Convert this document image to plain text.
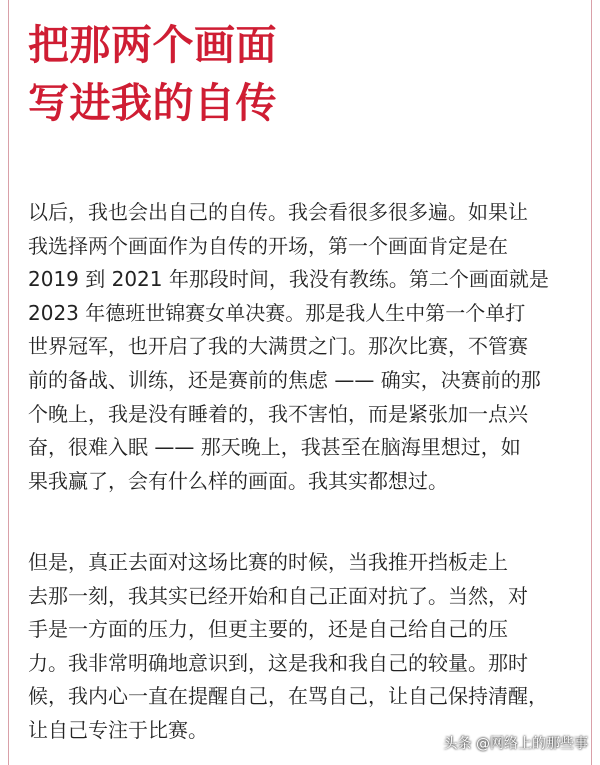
把那两个画面
写进我的自传

以后，我也会出自己的自传。我会看很多很多遍。如果让
我选择两个画面作为自传的开场，第一个画面肯定是在
2019 到 2021 年那段时间，我没有教练。第二个画面就是
2023 年德班世锦赛女单决赛。那是我人生中第一个单打
世界冠军，也开启了我的大满贯之门。那次比赛，不管赛
前的备战、训练，还是赛前的焦虑 —— 确实，决赛前的那
个晚上，我是没有睡着的，我不害怕，而是紧张加一点兴
奋，很难入眠 —— 那天晚上，我甚至在脑海里想过，如
果我赢了，会有什么样的画面。我其实都想过。

但是，真正去面对这场比赛的时候，当我推开挡板走上
去那一刻，我其实已经开始和自己正面对抗了。当然，对
手是一方面的压力，但更主要的，还是自己给自己的压
力。我非常明确地意识到，这是我和我自己的较量。那时
候，我内心一直在提醒自己，在骂自己，让自己保持清醒，
让自己专注于比赛。

头条 @网络上的那些事
